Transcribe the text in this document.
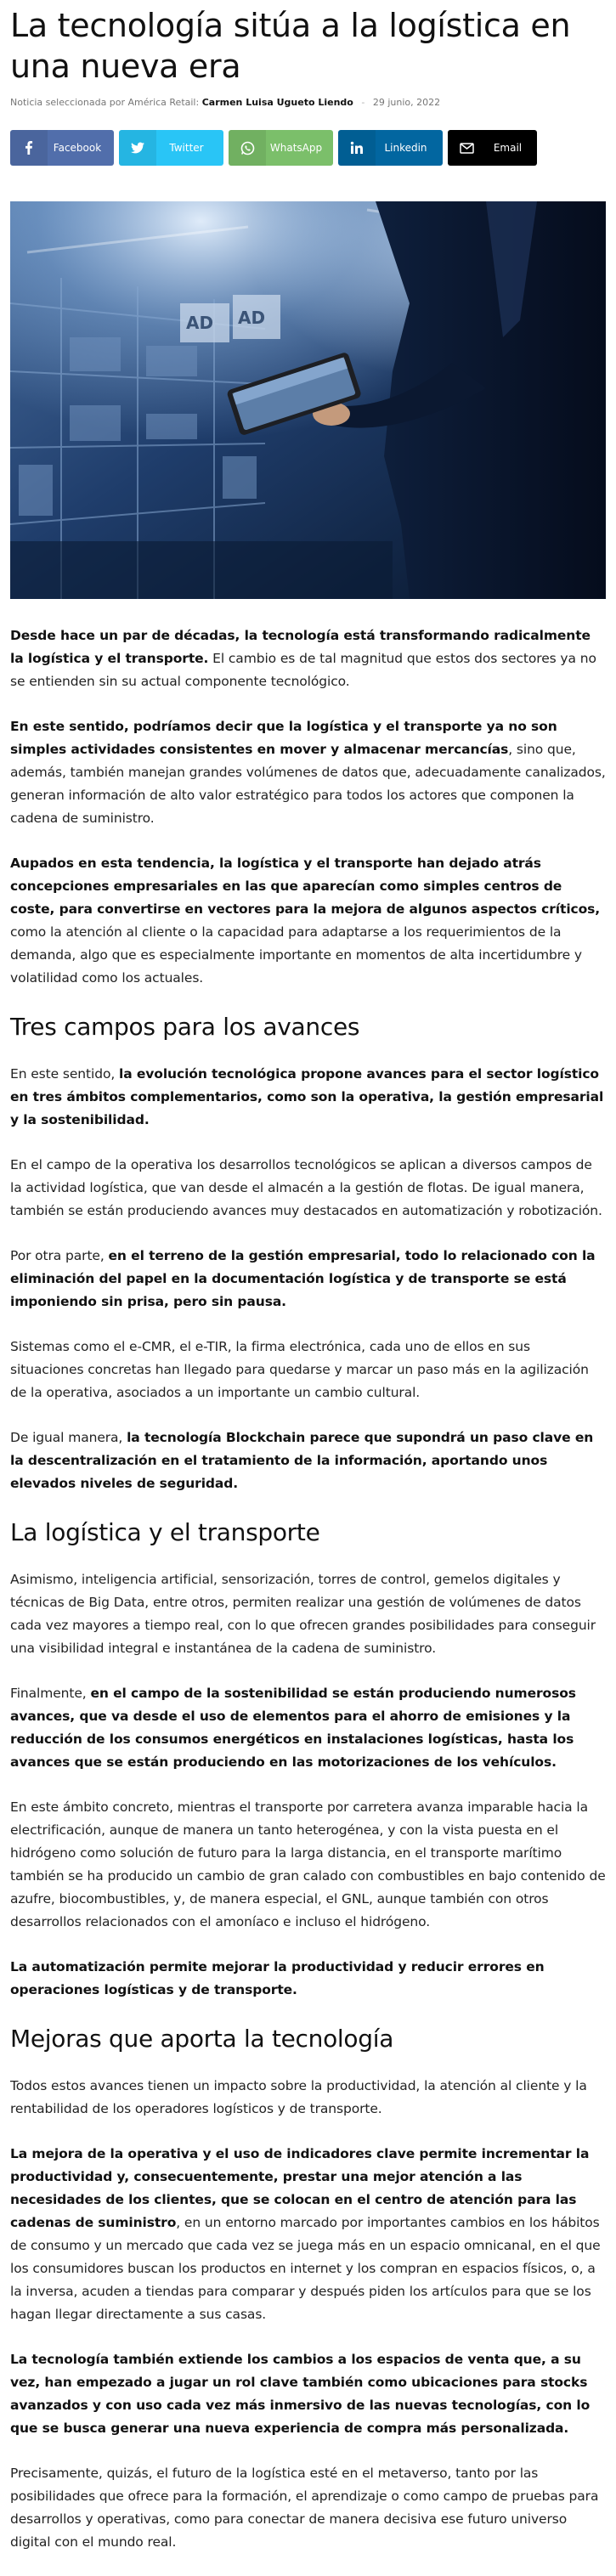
La tecnología sitúa a la logística en una nueva era
Noticia seleccionada por América Retail: Carmen Luisa Ugueto Liendo - 29 junio, 2022
Facebook	Twitter	WhatsApp	Linkedin	Email
AD AD

Desde hace un par de décadas, la tecnología está transformando radicalmente la logística y el transporte. El cambio es de tal magnitud que estos dos sectores ya no se entienden sin su actual componente tecnológico.

En este sentido, podríamos decir que la logística y el transporte ya no son simples actividades consistentes en mover y almacenar mercancías, sino que, además, también manejan grandes volúmenes de datos que, adecuadamente canalizados, generan información de alto valor estratégico para todos los actores que componen la cadena de suministro.

Aupados en esta tendencia, la logística y el transporte han dejado atrás concepciones empresariales en las que aparecían como simples centros de coste, para convertirse en vectores para la mejora de algunos aspectos críticos, como la atención al cliente o la capacidad para adaptarse a los requerimientos de la demanda, algo que es especialmente importante en momentos de alta incertidumbre y volatilidad como los actuales.

Tres campos para los avances

En este sentido, la evolución tecnológica propone avances para el sector logístico en tres ámbitos complementarios, como son la operativa, la gestión empresarial y la sostenibilidad.

En el campo de la operativa los desarrollos tecnológicos se aplican a diversos campos de la actividad logística, que van desde el almacén a la gestión de flotas. De igual manera, también se están produciendo avances muy destacados en automatización y robotización.

Por otra parte, en el terreno de la gestión empresarial, todo lo relacionado con la eliminación del papel en la documentación logística y de transporte se está imponiendo sin prisa, pero sin pausa.

Sistemas como el e-CMR, el e-TIR, la firma electrónica, cada uno de ellos en sus situaciones concretas han llegado para quedarse y marcar un paso más en la agilización de la operativa, asociados a un importante un cambio cultural.

De igual manera, la tecnología Blockchain parece que supondrá un paso clave en la descentralización en el tratamiento de la información, aportando unos elevados niveles de seguridad.

La logística y el transporte

Asimismo, inteligencia artificial, sensorización, torres de control, gemelos digitales y técnicas de Big Data, entre otros, permiten realizar una gestión de volúmenes de datos cada vez mayores a tiempo real, con lo que ofrecen grandes posibilidades para conseguir una visibilidad integral e instantánea de la cadena de suministro.

Finalmente, en el campo de la sostenibilidad se están produciendo numerosos avances, que va desde el uso de elementos para el ahorro de emisiones y la reducción de los consumos energéticos en instalaciones logísticas, hasta los avances que se están produciendo en las motorizaciones de los vehículos.

En este ámbito concreto, mientras el transporte por carretera avanza imparable hacia la electrificación, aunque de manera un tanto heterogénea, y con la vista puesta en el hidrógeno como solución de futuro para la larga distancia, en el transporte marítimo también se ha producido un cambio de gran calado con combustibles en bajo contenido de azufre, biocombustibles, y, de manera especial, el GNL, aunque también con otros desarrollos relacionados con el amoníaco e incluso el hidrógeno.

La automatización permite mejorar la productividad y reducir errores en operaciones logísticas y de transporte.

Mejoras que aporta la tecnología

Todos estos avances tienen un impacto sobre la productividad, la atención al cliente y la rentabilidad de los operadores logísticos y de transporte.

La mejora de la operativa y el uso de indicadores clave permite incrementar la productividad y, consecuentemente, prestar una mejor atención a las necesidades de los clientes, que se colocan en el centro de atención para las cadenas de suministro, en un entorno marcado por importantes cambios en los hábitos de consumo y un mercado que cada vez se juega más en un espacio omnicanal, en el que los consumidores buscan los productos en internet y los compran en espacios físicos, o, a la inversa, acuden a tiendas para comparar y después piden los artículos para que se los hagan llegar directamente a sus casas.

La tecnología también extiende los cambios a los espacios de venta que, a su vez, han empezado a jugar un rol clave también como ubicaciones para stocks avanzados y con uso cada vez más inmersivo de las nuevas tecnologías, con lo que se busca generar una nueva experiencia de compra más personalizada.

Precisamente, quizás, el futuro de la logística esté en el metaverso, tanto por las posibilidades que ofrece para la formación, el aprendizaje o como campo de pruebas para desarrollos y operativas, como para conectar de manera decisiva ese futuro universo digital con el mundo real.
